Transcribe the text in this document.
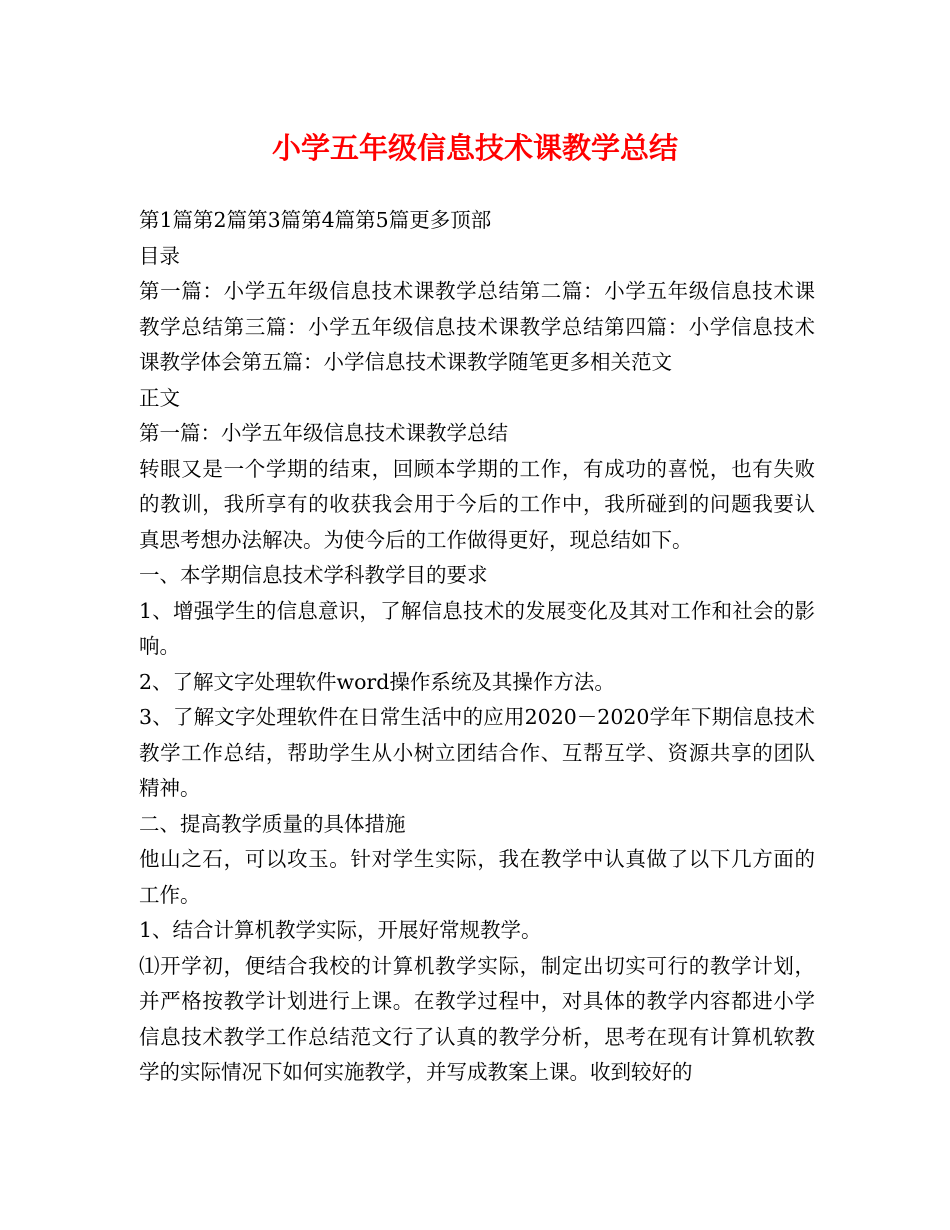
小学五年级信息技术课教学总结

第1篇第2篇第3篇第4篇第5篇更多顶部

目录

第一篇：小学五年级信息技术课教学总结第二篇：小学五年级信息技术课教学总结第三篇：小学五年级信息技术课教学总结第四篇：小学信息技术课教学体会第五篇：小学信息技术课教学随笔更多相关范文

正文

第一篇：小学五年级信息技术课教学总结

转眼又是一个学期的结束，回顾本学期的工作，有成功的喜悦，也有失败的教训，我所享有的收获我会用于今后的工作中，我所碰到的问题我要认真思考想办法解决。为使今后的工作做得更好，现总结如下。

一、本学期信息技术学科教学目的要求

1、增强学生的信息意识，了解信息技术的发展变化及其对工作和社会的影响。

2、了解文字处理软件word操作系统及其操作方法。

3、了解文字处理软件在日常生活中的应用2020－2020学年下期信息技术教学工作总结，帮助学生从小树立团结合作、互帮互学、资源共享的团队精神。

二、提高教学质量的具体措施

他山之石，可以攻玉。针对学生实际，我在教学中认真做了以下几方面的工作。

1、结合计算机教学实际，开展好常规教学。

⑴开学初，便结合我校的计算机教学实际，制定出切实可行的教学计划，并严格按教学计划进行上课。在教学过程中，对具体的教学内容都进小学信息技术教学工作总结范文行了认真的教学分析，思考在现有计算机软教学的实际情况下如何实施教学，并写成教案上课。收到较好的
